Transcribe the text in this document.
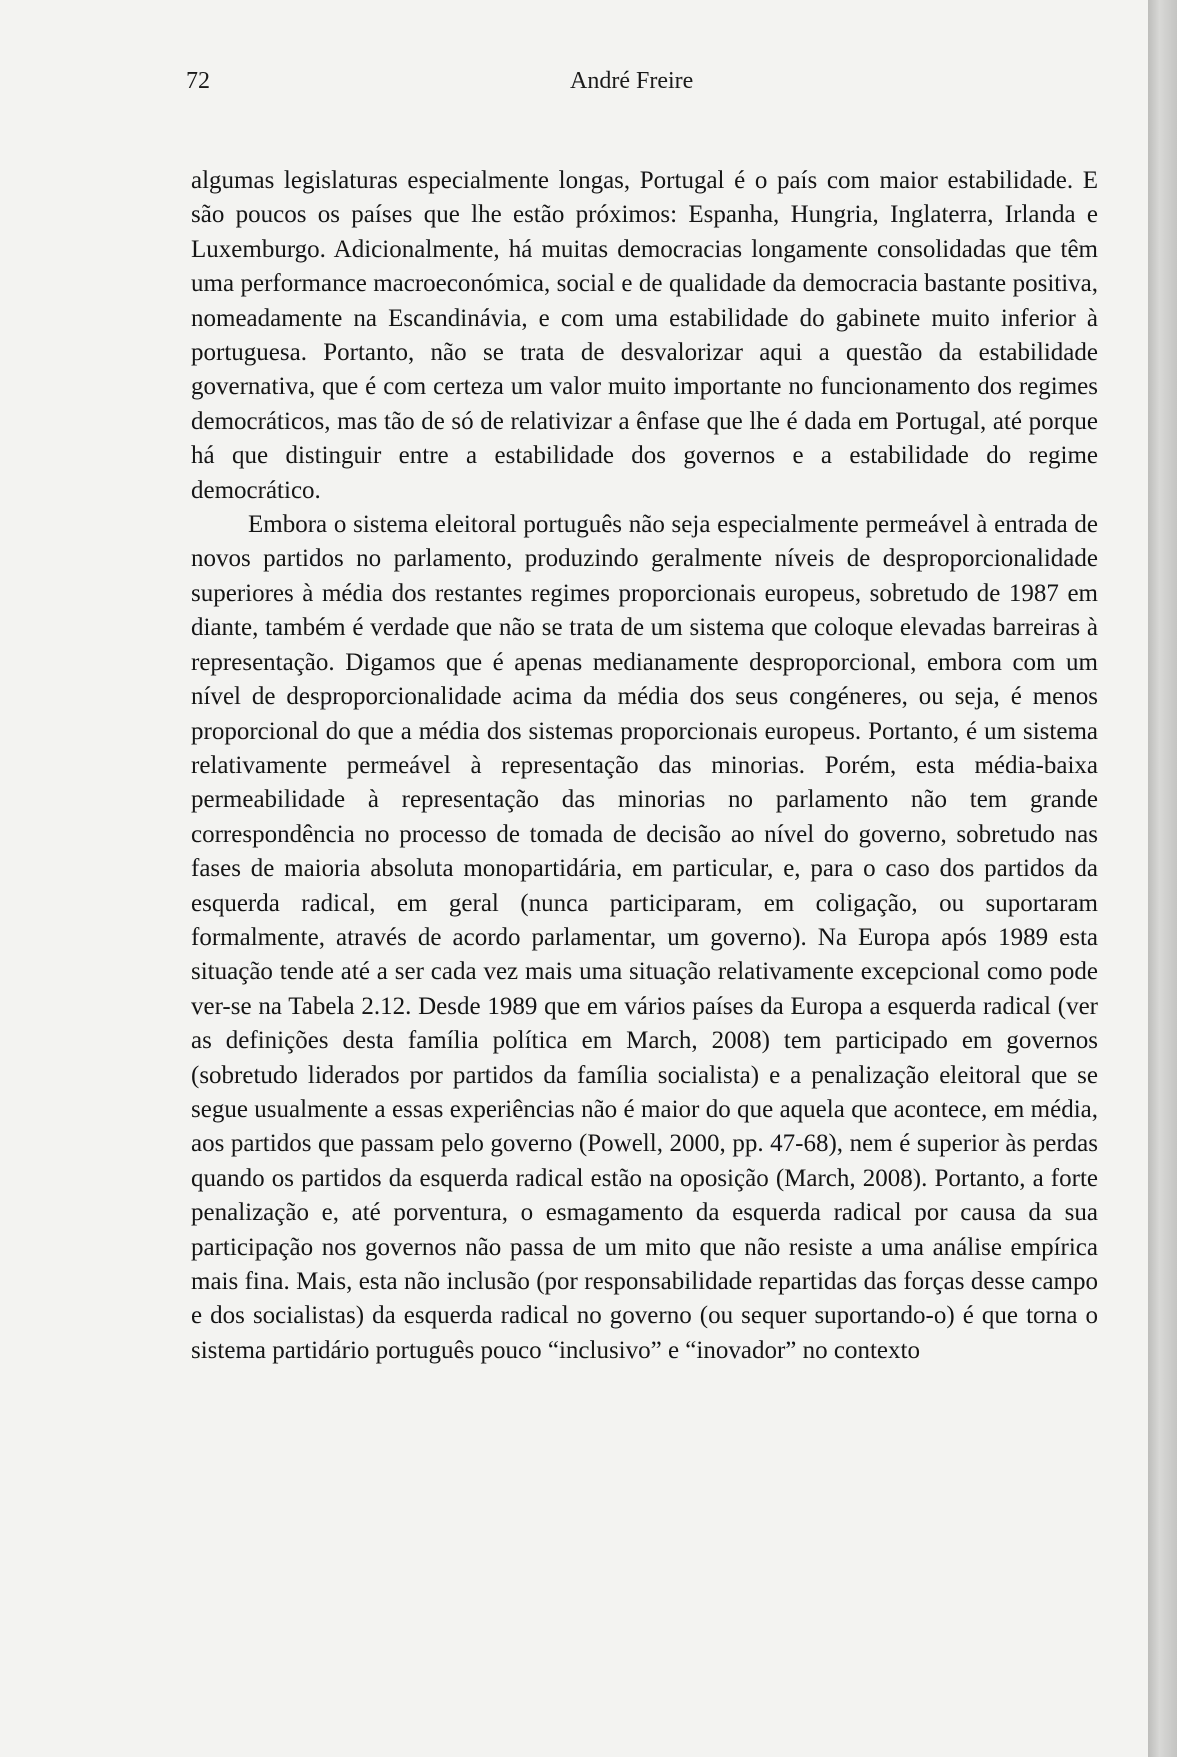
72	André Freire

algumas legislaturas especialmente longas, Portugal é o país com maior estabilidade. E são poucos os países que lhe estão próximos: Espanha, Hungria, Inglaterra, Irlanda e Luxemburgo. Adicionalmente, há muitas democracias longamente consolidadas que têm uma performance macroeconómica, social e de qualidade da democracia bastante positiva, nomeadamente na Escandinávia, e com uma estabilidade do gabinete muito inferior à portuguesa. Portanto, não se trata de desvalorizar aqui a questão da estabilidade governativa, que é com certeza um valor muito importante no funcionamento dos regimes democráticos, mas tão de só de relativizar a ênfase que lhe é dada em Portugal, até porque há que distinguir entre a estabilidade dos governos e a estabilidade do regime democrático.

Embora o sistema eleitoral português não seja especialmente permeável à entrada de novos partidos no parlamento, produzindo geralmente níveis de desproporcionalidade superiores à média dos restantes regimes proporcionais europeus, sobretudo de 1987 em diante, também é verdade que não se trata de um sistema que coloque elevadas barreiras à representação. Digamos que é apenas medianamente desproporcional, embora com um nível de desproporcionalidade acima da média dos seus congéneres, ou seja, é menos proporcional do que a média dos sistemas proporcionais europeus. Portanto, é um sistema relativamente permeável à representação das minorias. Porém, esta média-baixa permeabilidade à representação das minorias no parlamento não tem grande correspondência no processo de tomada de decisão ao nível do governo, sobretudo nas fases de maioria absoluta monopartidária, em particular, e, para o caso dos partidos da esquerda radical, em geral (nunca participaram, em coligação, ou suportaram formalmente, através de acordo parlamentar, um governo). Na Europa após 1989 esta situação tende até a ser cada vez mais uma situação relativamente excepcional como pode ver-se na Tabela 2.12. Desde 1989 que em vários países da Europa a esquerda radical (ver as definições desta família política em March, 2008) tem participado em governos (sobretudo liderados por partidos da família socialista) e a penalização eleitoral que se segue usualmente a essas experiências não é maior do que aquela que acontece, em média, aos partidos que passam pelo governo (Powell, 2000, pp. 47-68), nem é superior às perdas quando os partidos da esquerda radical estão na oposição (March, 2008). Portanto, a forte penalização e, até porventura, o esmagamento da esquerda radical por causa da sua participação nos governos não passa de um mito que não resiste a uma análise empírica mais fina. Mais, esta não inclusão (por responsabilidade repartidas das forças desse campo e dos socialistas) da esquerda radical no governo (ou sequer suportando-o) é que torna o sistema partidário português pouco “inclusivo” e “inovador” no contexto
